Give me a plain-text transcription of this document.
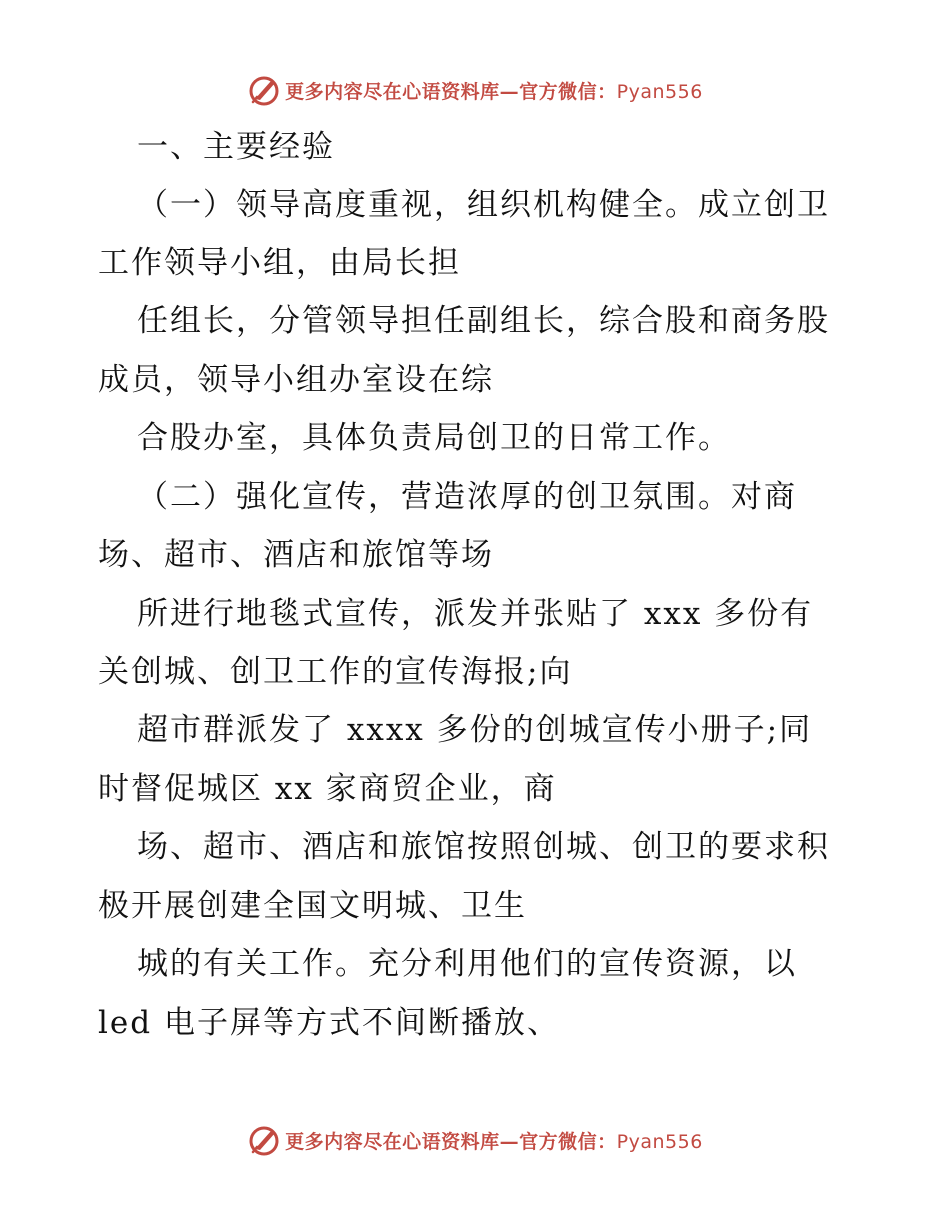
更多内容尽在心语资料库—官方微信：Pyan556
一、主要经验
（一）领导高度重视，组织机构健全。成立创卫
工作领导小组，由局长担
任组长，分管领导担任副组长，综合股和商务股
成员，领导小组办室设在综
合股办室，具体负责局创卫的日常工作。
（二）强化宣传，营造浓厚的创卫氛围。对商
场、超市、酒店和旅馆等场
所进行地毯式宣传，派发并张贴了 xxx 多份有
关创城、创卫工作的宣传海报;向
超市群派发了 xxxx 多份的创城宣传小册子;同
时督促城区 xx 家商贸企业，商
场、超市、酒店和旅馆按照创城、创卫的要求积
极开展创建全国文明城、卫生
城的有关工作。充分利用他们的宣传资源，以
led 电子屏等方式不间断播放、
更多内容尽在心语资料库—官方微信：Pyan556
